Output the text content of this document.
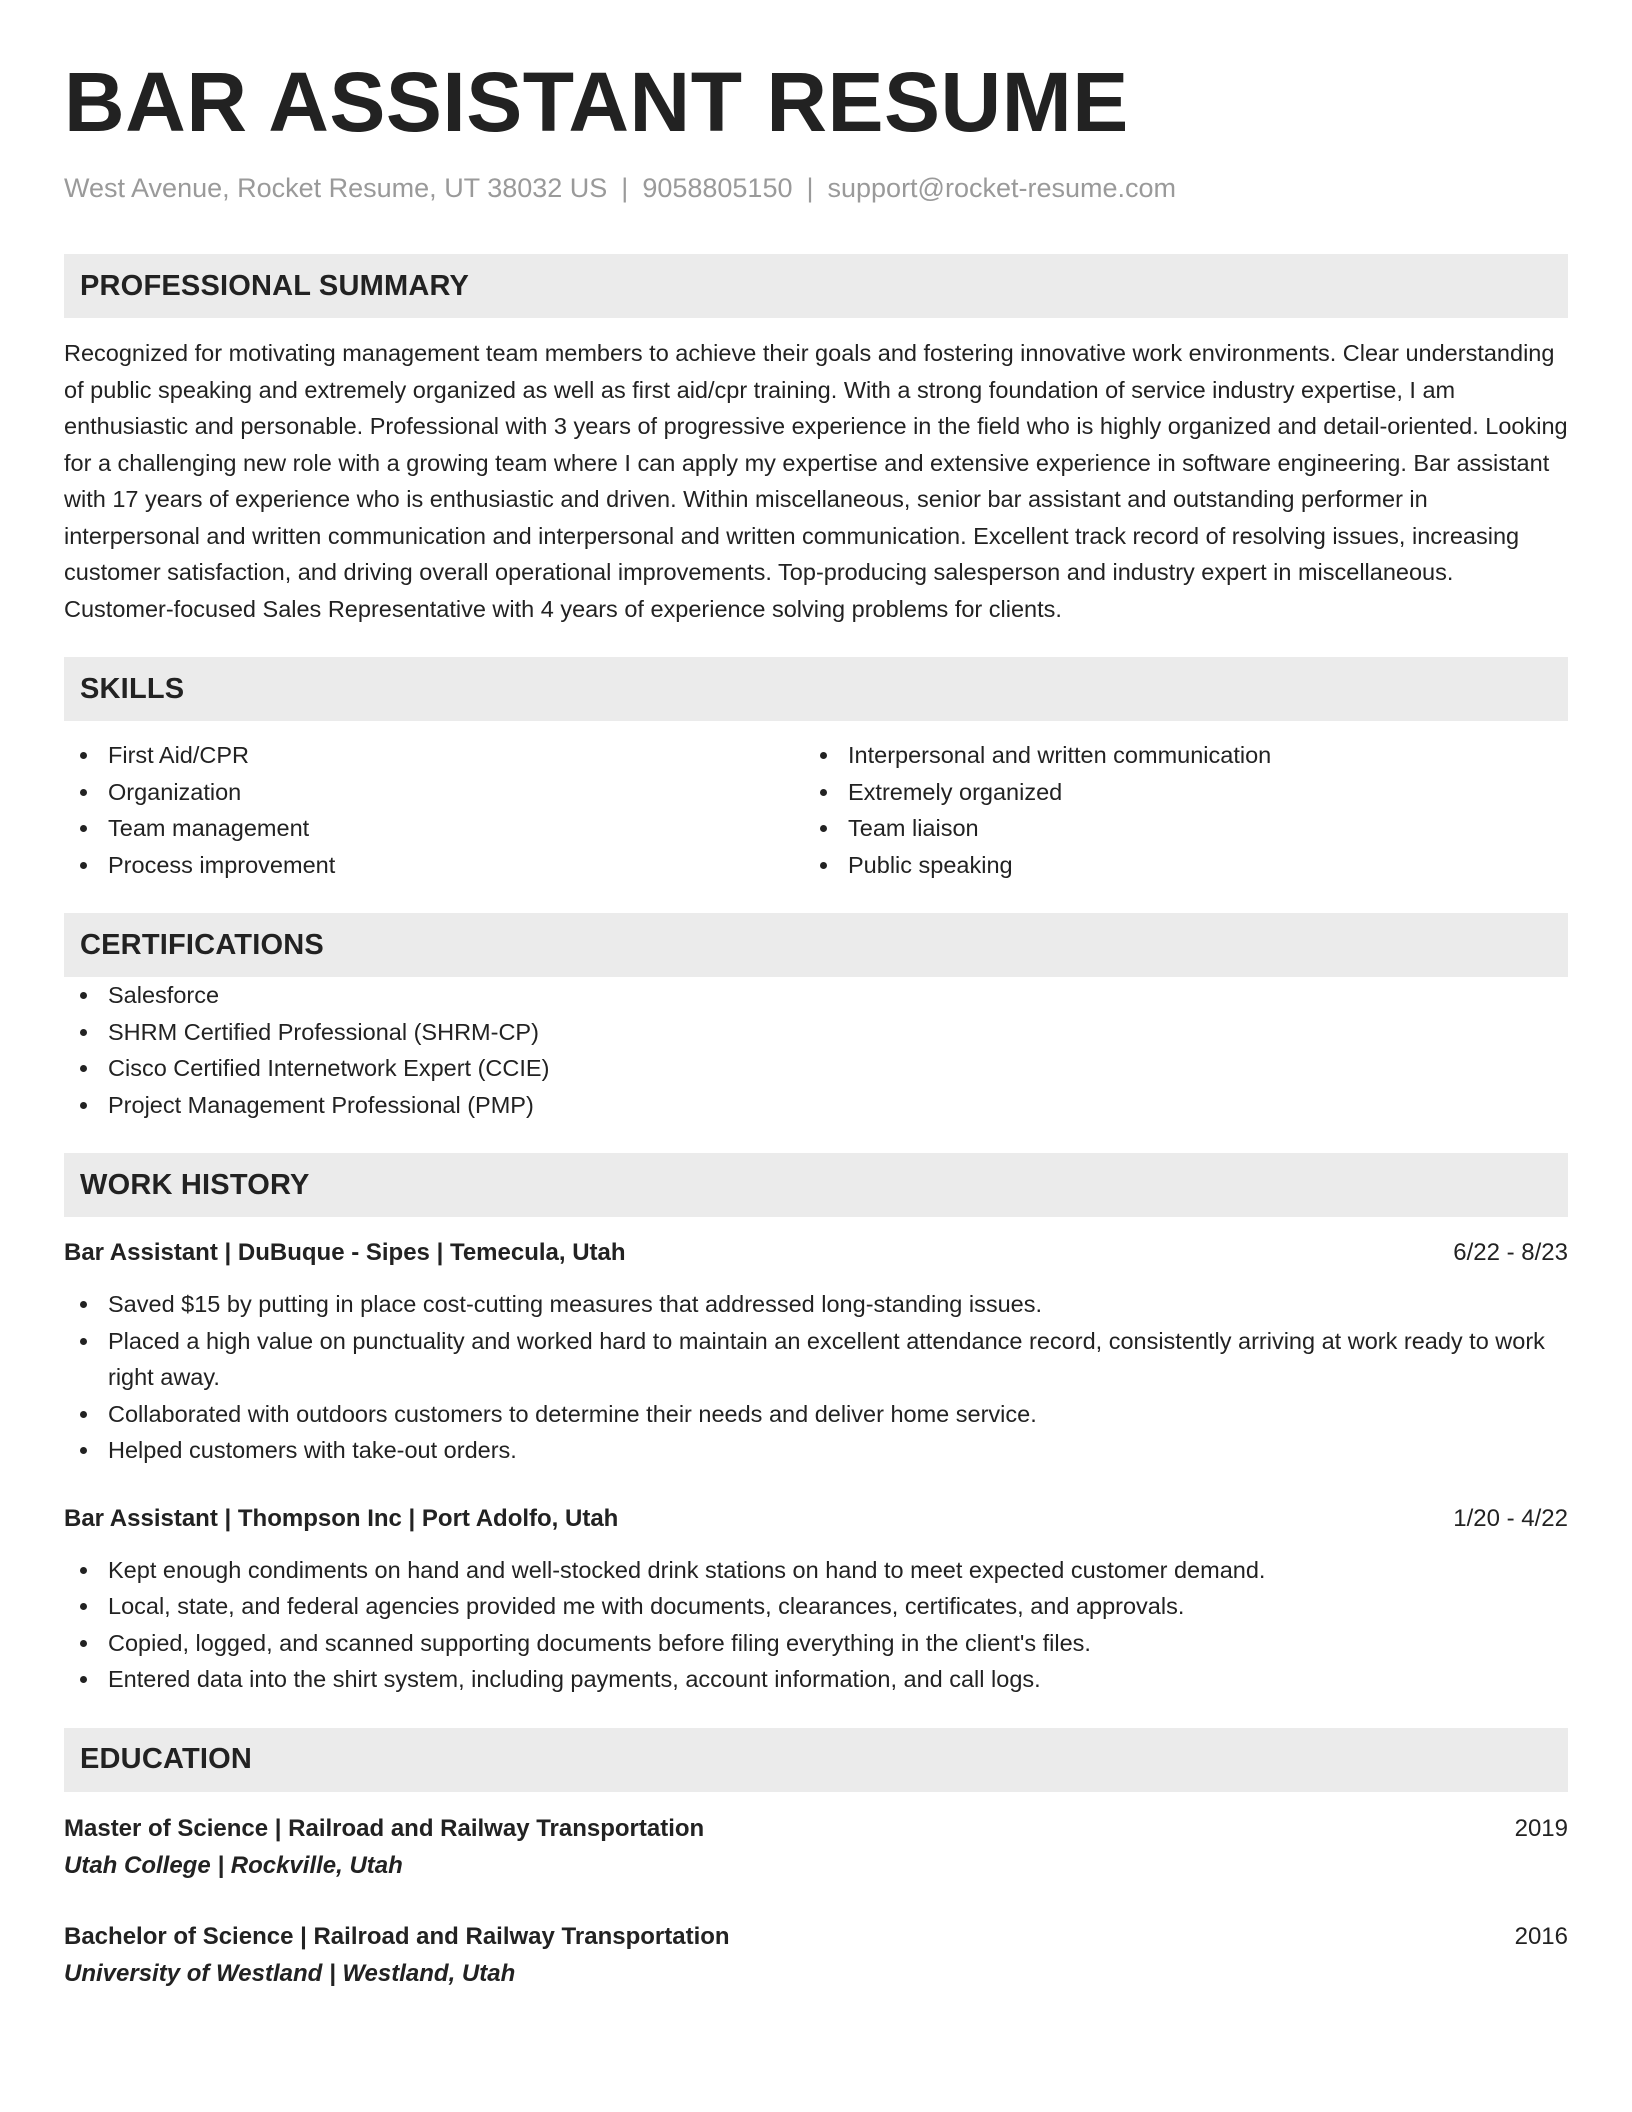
BAR ASSISTANT RESUME
West Avenue, Rocket Resume, UT 38032 US | 9058805150 | support@rocket-resume.com
PROFESSIONAL SUMMARY
Recognized for motivating management team members to achieve their goals and fostering innovative work environments. Clear understanding of public speaking and extremely organized as well as first aid/cpr training. With a strong foundation of service industry expertise, I am enthusiastic and personable. Professional with 3 years of progressive experience in the field who is highly organized and detail-oriented. Looking for a challenging new role with a growing team where I can apply my expertise and extensive experience in software engineering. Bar assistant with 17 years of experience who is enthusiastic and driven. Within miscellaneous, senior bar assistant and outstanding performer in interpersonal and written communication and interpersonal and written communication. Excellent track record of resolving issues, increasing customer satisfaction, and driving overall operational improvements. Top-producing salesperson and industry expert in miscellaneous. Customer-focused Sales Representative with 4 years of experience solving problems for clients.
SKILLS
First Aid/CPR
Organization
Team management
Process improvement
Interpersonal and written communication
Extremely organized
Team liaison
Public speaking
CERTIFICATIONS
Salesforce
SHRM Certified Professional (SHRM-CP)
Cisco Certified Internetwork Expert (CCIE)
Project Management Professional (PMP)
WORK HISTORY
Bar Assistant | DuBuque - Sipes | Temecula, Utah	6/22 - 8/23
Saved $15 by putting in place cost-cutting measures that addressed long-standing issues.
Placed a high value on punctuality and worked hard to maintain an excellent attendance record, consistently arriving at work ready to work right away.
Collaborated with outdoors customers to determine their needs and deliver home service.
Helped customers with take-out orders.
Bar Assistant | Thompson Inc | Port Adolfo, Utah	1/20 - 4/22
Kept enough condiments on hand and well-stocked drink stations on hand to meet expected customer demand.
Local, state, and federal agencies provided me with documents, clearances, certificates, and approvals.
Copied, logged, and scanned supporting documents before filing everything in the client's files.
Entered data into the shirt system, including payments, account information, and call logs.
EDUCATION
Master of Science | Railroad and Railway Transportation	2019
Utah College | Rockville, Utah
Bachelor of Science | Railroad and Railway Transportation	2016
University of Westland | Westland, Utah
